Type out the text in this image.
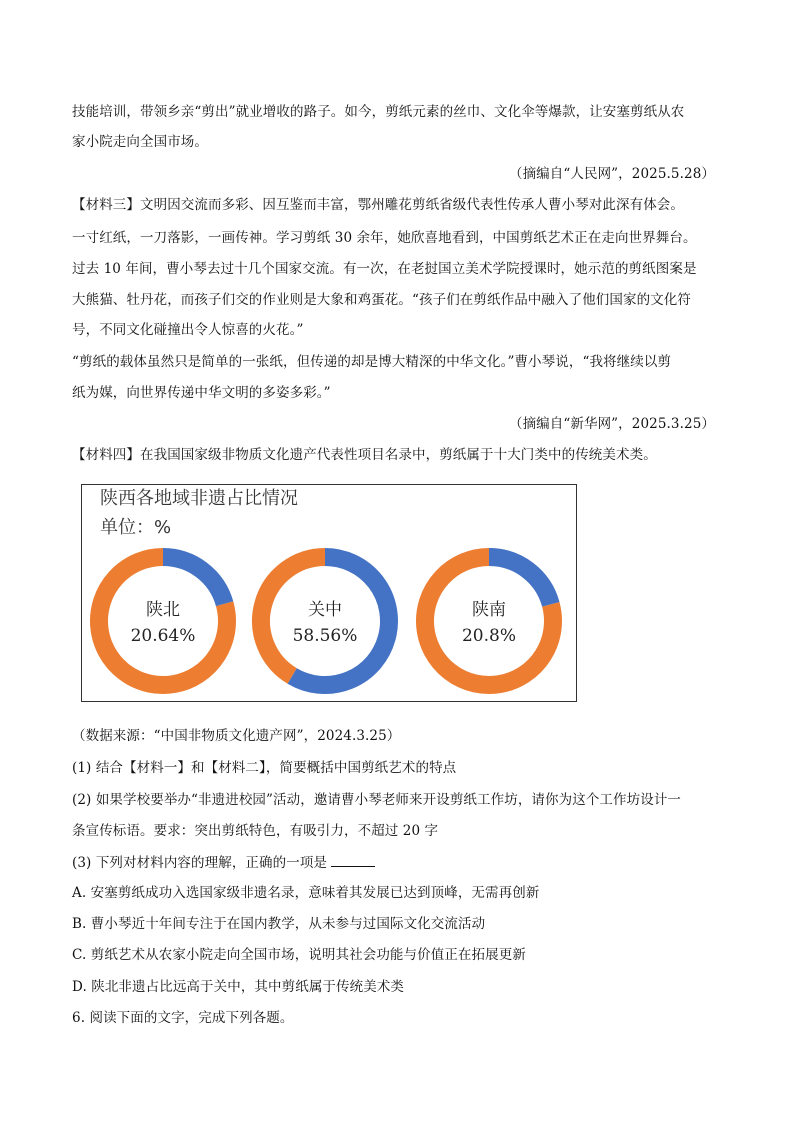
技能培训，带领乡亲“剪出”就业增收的路子。如今，剪纸元素的丝巾、文化伞等爆款，让安塞剪纸从农
家小院走向全国市场。
（摘编自“人民网”，2025.5.28）
【材料三】文明因交流而多彩、因互鉴而丰富，鄂州雕花剪纸省级代表性传承人曹小琴对此深有体会。
一寸红纸，一刀落影，一画传神。学习剪纸 30 余年，她欣喜地看到，中国剪纸艺术正在走向世界舞台。
过去 10 年间，曹小琴去过十几个国家交流。有一次，在老挝国立美术学院授课时，她示范的剪纸图案是
大熊猫、牡丹花，而孩子们交的作业则是大象和鸡蛋花。“孩子们在剪纸作品中融入了他们国家的文化符
号，不同文化碰撞出令人惊喜的火花。”
“剪纸的载体虽然只是简单的一张纸，但传递的却是博大精深的中华文化。”曹小琴说，“我将继续以剪
纸为媒，向世界传递中华文明的多姿多彩。”
（摘编自“新华网”，2025.3.25）
【材料四】在我国国家级非物质文化遗产代表性项目名录中，剪纸属于十大门类中的传统美术类。
陕西各地域非遗占比情况
单位：%
陕北
20.64%
关中
58.56%
陕南
20.8%
（数据来源：“中国非物质文化遗产网”，2024.3.25）
(1) 结合【材料一】和【材料二】，简要概括中国剪纸艺术的特点
(2) 如果学校要举办“非遗进校园”活动，邀请曹小琴老师来开设剪纸工作坊，请你为这个工作坊设计一
条宣传标语。要求：突出剪纸特色，有吸引力，不超过 20 字
(3) 下列对材料内容的理解，正确的一项是
A. 安塞剪纸成功入选国家级非遗名录，意味着其发展已达到顶峰，无需再创新
B. 曹小琴近十年间专注于在国内教学，从未参与过国际文化交流活动
C. 剪纸艺术从农家小院走向全国市场，说明其社会功能与价值正在拓展更新
D. 陕北非遗占比远高于关中，其中剪纸属于传统美术类
6. 阅读下面的文字，完成下列各题。
